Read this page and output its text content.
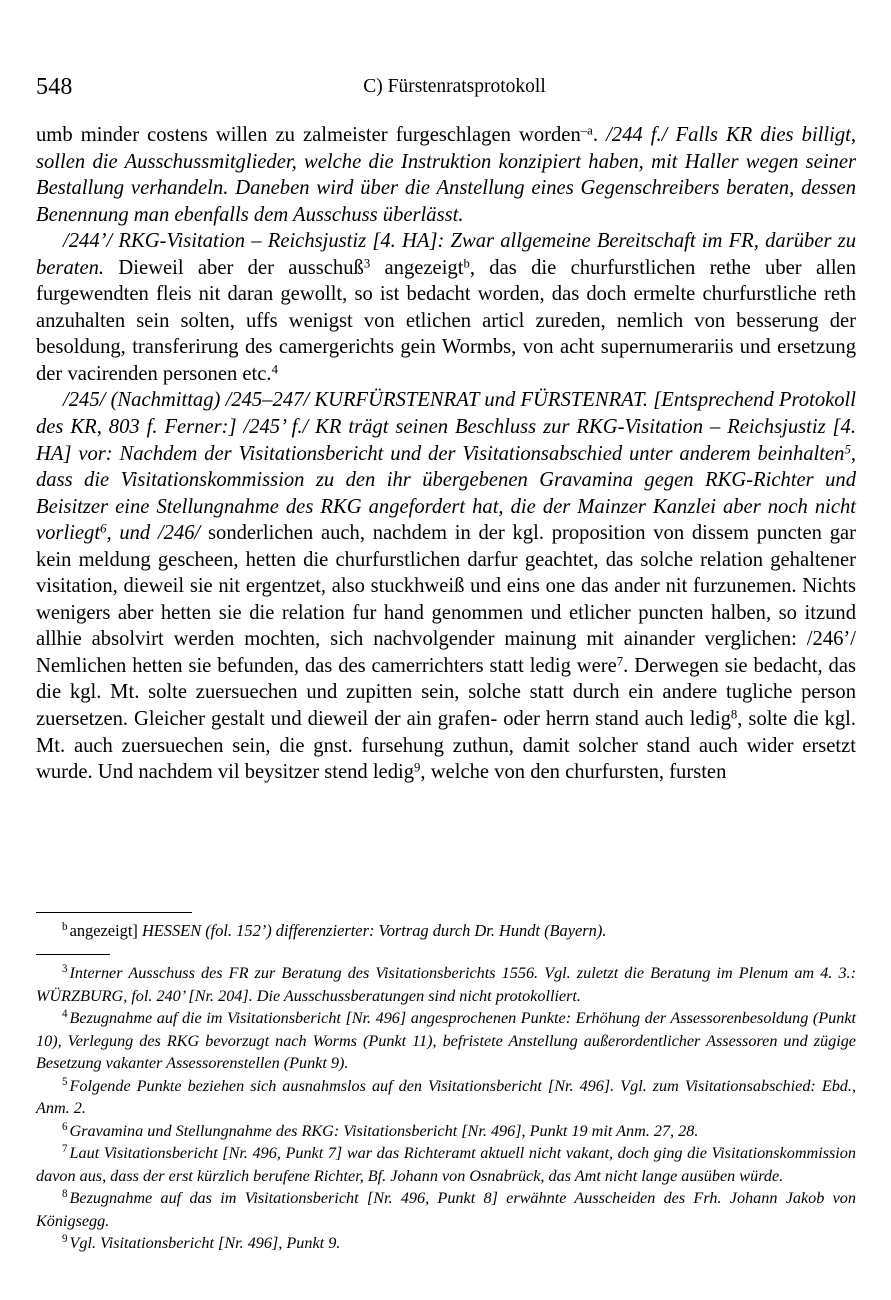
548	C) Fürstenratsprotokoll

umb minder costens willen zu zalmeister furgeschlagen worden$^{-a}$. /244 f./ Falls KR dies billigt, sollen die Ausschussmitglieder, welche die Instruktion konzipiert haben, mit Haller wegen seiner Bestallung verhandeln. Daneben wird über die Anstellung eines Gegenschreibers beraten, dessen Benennung man ebenfalls dem Ausschuss überlässt.

/244’/ RKG-Visitation – Reichsjustiz [4. HA]: Zwar allgemeine Bereitschaft im FR, darüber zu beraten. Dieweil aber der ausschuß$^3$ angezeigt$^b$, das die churfurstlichen rethe uber allen furgewendten fleis nit daran gewollt, so ist bedacht worden, das doch ermelte churfurstliche reth anzuhalten sein solten, uffs wenigst von etlichen articl zureden, nemlich von besserung der besoldung, transferirung des camergerichts gein Wormbs, von acht supernumerariis und ersetzung der vacirenden personen etc.$^4$

/245/ (Nachmittag) /245–247/ KURFÜRSTENRAT und FÜRSTENRAT. [Entsprechend Protokoll des KR, 803 f. Ferner:] /245’ f./ KR trägt seinen Beschluss zur RKG-Visitation – Reichsjustiz [4. HA] vor: Nachdem der Visitationsbericht und der Visitationsabschied unter anderem beinhalten$^5$, dass die Visitationskommission zu den ihr übergebenen Gravamina gegen RKG-Richter und Beisitzer eine Stellungnahme des RKG angefordert hat, die der Mainzer Kanzlei aber noch nicht vorliegt$^6$, und /246/ sonderlichen auch, nachdem in der kgl. proposition von dissem puncten gar kein meldung gescheen, hetten die churfurstlichen darfur geachtet, das solche relation gehaltener visitation, dieweil sie nit ergentzet, also stuckhweiß und eins one das ander nit furzunemen. Nichts wenigers aber hetten sie die relation fur hand genommen und etlicher puncten halben, so itzund allhie absolvirt werden mochten, sich nachvolgender mainung mit ainander verglichen: /246’/ Nemlichen hetten sie befunden, das des camerrichters statt ledig were$^7$. Derwegen sie bedacht, das die kgl. Mt. solte zuersuechen und zupitten sein, solche statt durch ein andere tugliche person zuersetzen. Gleicher gestalt und dieweil der ain grafen- oder herrn stand auch ledig$^8$, solte die kgl. Mt. auch zuersuechen sein, die gnst. fursehung zuthun, damit solcher stand auch wider ersetzt wurde. Und nachdem vil beysitzer stend ledig$^9$, welche von den churfursten, fursten

$^b$ angezeigt] HESSEN (fol. 152’) differenzierter: Vortrag durch Dr. Hundt (Bayern).
$^3$ Interner Ausschuss des FR zur Beratung des Visitationsberichts 1556. Vgl. zuletzt die Beratung im Plenum am 4. 3.: WÜRZBURG, fol. 240’ [Nr. 204]. Die Ausschussberatungen sind nicht protokolliert.
$^4$ Bezugnahme auf die im Visitationsbericht [Nr. 496] angesprochenen Punkte: Erhöhung der Assessorenbesoldung (Punkt 10), Verlegung des RKG bevorzugt nach Worms (Punkt 11), befristete Anstellung außerordentlicher Assessoren und zügige Besetzung vakanter Assessorenstellen (Punkt 9).
$^5$ Folgende Punkte beziehen sich ausnahmslos auf den Visitationsbericht [Nr. 496]. Vgl. zum Visitationsabschied: Ebd., Anm. 2.
$^6$ Gravamina und Stellungnahme des RKG: Visitationsbericht [Nr. 496], Punkt 19 mit Anm. 27, 28.
$^7$ Laut Visitationsbericht [Nr. 496, Punkt 7] war das Richteramt aktuell nicht vakant, doch ging die Visitationskommission davon aus, dass der erst kürzlich berufene Richter, Bf. Johann von Osnabrück, das Amt nicht lange ausüben würde.
$^8$ Bezugnahme auf das im Visitationsbericht [Nr. 496, Punkt 8] erwähnte Ausscheiden des Frh. Johann Jakob von Königsegg.
$^9$ Vgl. Visitationsbericht [Nr. 496], Punkt 9.
